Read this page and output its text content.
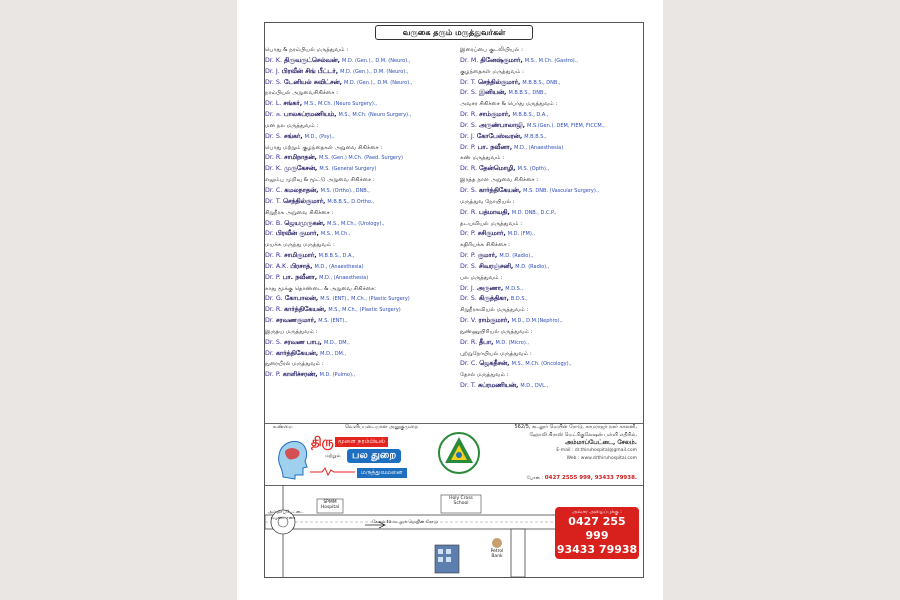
வருகை தரும் மருத்துவர்கள்
பொது & நரம்பியல் மருத்துவம் :
Dr. K. திருவருட்செல்வன், M.D. (Gen.)., D.M. (Neuro).,
Dr. J. பிரவீன் சிங் பீட்டர், M.D. (Gen.)., D.M. (Neuro).,
Dr. S. டேனியல் சுவிட்சன், M.D. (Gen.)., D.M. (Neuro).,
நரம்பியல் அறுவைசிகிச்சை :
Dr. L. சங்கர், M.S., M.Ch. (Neuro Surgery).,
Dr. க. பாலசுப்ரமணியம், M.S., M.Ch. (Neuro Surgery).,
மன நல மருத்துவம் :
Dr. S. சங்கர், M.D., (Psy).,
பொது மற்றும் குழந்தைகள் அறுவை சிகிச்சை :
Dr. R. சாமிநாதன், M.S. (Gen.) M.Ch. (Paed. Surgery)
Dr. K. முருகேசன், M.S. (General Surgery)
எலும்பு முறிவு & மூட்டு அறுவை சிகிச்சை :
Dr. C. கமலநாதன், M.S. (Ortho)., DNB.,
Dr. T. செந்தில்குமார், M.B.B.S., D.Ortho.,
சிறுநீரக அறுவை சிகிச்சை :
Dr. B. ஜெயமுருகன், M.S., M.Ch., (Urology).,
Dr. பிரவீன் குமார், M.S., M.Ch.,
மயக்க மருந்து மருத்துவம் :
Dr. R. சாமிகுமார், M.B.B.S., D.A.,
Dr. A.K. பிரசாத், M.D., (Anaesthesia)
Dr. P. பா. நவீனா, M.D., (Anaesthesia)
காது மூக்கு தொண்டை & அறுவை சிகிச்சை:
Dr. G. கோபாலன், M.S. (ENT)., M.Ch., (Plastic Surgery)
Dr. R. கார்த்திகேயன், M.S., M.Ch., (Plastic Surgery)
Dr. சரவணகுமார், M.S. (ENT).,
இருதய மருத்துவம் :
Dr. S. சரவண பாபு, M.D., DM.,
Dr. கார்த்திகேயன், M.D., DM.,
நுரையீரல் மருத்துவம் :
Dr. P. காளிச்சரண், M.D. (Pulmo).,
இரைப்பை குடலியியல் :
Dr. M. தினேஷ்குமார், M.S., M.Ch. (Gastro).,
குழந்தைகள் மருத்துவம் :
Dr. T. செந்தில்குமார், M.B.B.S., DNB.,
Dr. S. இனியன், M.B.B.S., DNB.,
அவசர சிகிச்சை & பொது மருத்துவம் :
Dr. R. சாம்குமார், M.B.B.S., D.A.,
Dr. S. அருண்பாலாஜி, M.S.(Gen.). DEM, FIEM, FICCM.,
Dr. J. கோபேஸ்வரன், M.B.B.S.,
Dr. P. பா. நவீனா, M.D., (Anaesthesia)
கண் மருத்துவம் :
Dr. R. தேன்மொழி, M.S. (Opth).,
இரத்த நாள அறுவை சிகிச்சை :
Dr. S. கார்த்திகேயன், M.S. DNB. (Vascular Surgery).,
மருத்துவ நோயியல் :
Dr. R. பத்மாவதி, M.D. DNB., D.C.P.,
தடயவியல் மருத்துவம் :
Dr. P. சசிகுமார், M.D. (FM).,
கதிரியக்க சிகிச்சை :
Dr. P. குமார், M.D. (Radio).,
Dr. S. சிவரஞ்சனி, M.D. (Radio).,
பல மருத்துவம் :
Dr. J. அருணா, M.D.S.,
Dr. S. கிருத்திகா, B.D.S.,
சிறுநீரகவியல் மருத்துவம் :
Dr. V. ராம்குமார், M.D., D.M.(Nephro).,
நுண்ணுயிரியல் மருத்துவம் :
Dr. R. தீபா, M.D. (Micro).,
புற்றுநோயியல் மருத்துவம் :
Dr. C. ஜெகதீசன், M.S., M.Ch. (Oncology).,
தோல் மருத்துவம் :
Dr. T. சுப்ரமணியன், M.D., DVL.,
உண்மை	வெளிப்படையான அனுகுமுறை
திரு மூளை நரம்பியல்
மற்றும்	பல துறை
மருத்துவமனை
562/5, கடலூர் மெயின் ரோடு, காமராஜர் நகர் காலனி,
ஹோலி கிராஸ் மெட்ரிகுலேஷன் பள்ளி எதிரில்,
அம்மாப்பேட்டை, சேலம்.
E-mail : dr.thiruhospital@gmail.com
Web : www.drthiruhospital.com
போன் : 0427 2555 999, 93433 79938.
அம்மாப்பேட்டை ரவுண்டானா
SPMM Hospital
Holy Cross School
சேலம் to கடலூர் மெயின் ரோடு
Petrol Bank
அவசர அழைப்புக்கு :
0427 255 999
93433 79938
88702 66889
